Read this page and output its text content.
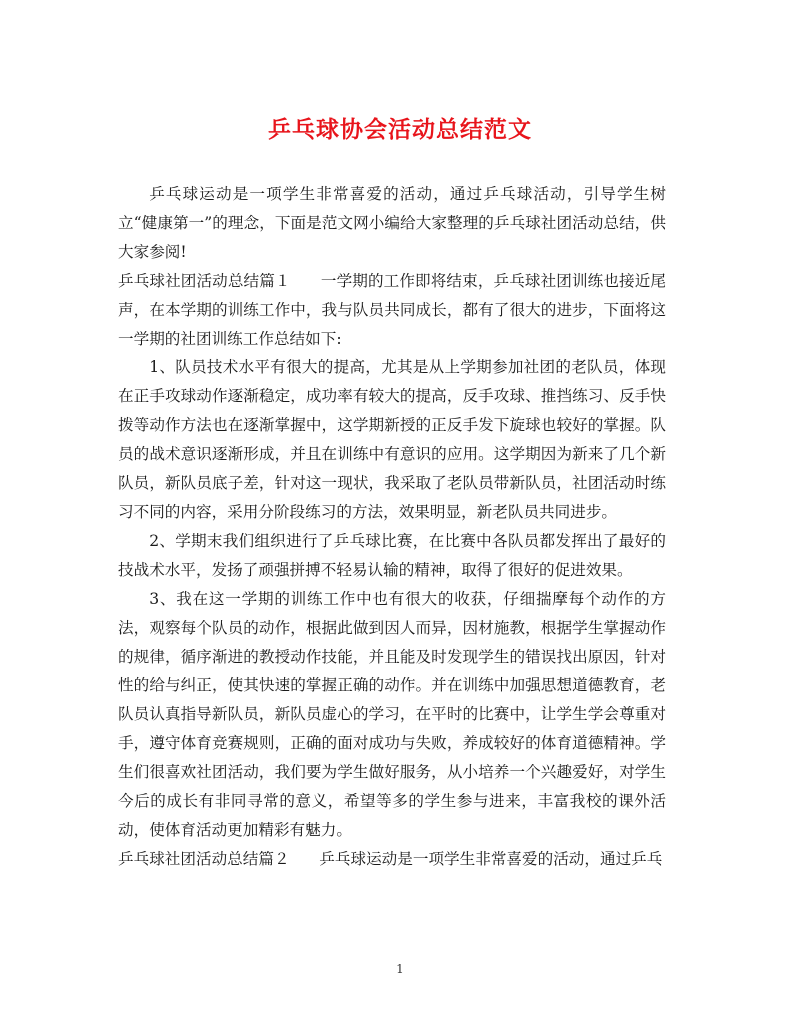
乒乓球协会活动总结范文

乒乓球运动是一项学生非常喜爱的活动，通过乒乓球活动，引导学生树立“健康第一”的理念，下面是范文网小编给大家整理的乒乓球社团活动总结，供大家参阅!

乒乓球社团活动总结篇１ 一学期的工作即将结束，乒乓球社团训练也接近尾声，在本学期的训练工作中，我与队员共同成长，都有了很大的进步，下面将这一学期的社团训练工作总结如下:

1、队员技术水平有很大的提高，尤其是从上学期参加社团的老队员，体现在正手攻球动作逐渐稳定，成功率有较大的提高，反手攻球、推挡练习、反手快拨等动作方法也在逐渐掌握中，这学期新授的正反手发下旋球也较好的掌握。队员的战术意识逐渐形成，并且在训练中有意识的应用。这学期因为新来了几个新队员，新队员底子差，针对这一现状，我采取了老队员带新队员，社团活动时练习不同的内容，采用分阶段练习的方法，效果明显，新老队员共同进步。

2、学期末我们组织进行了乒乓球比赛，在比赛中各队员都发挥出了最好的技战术水平，发扬了顽强拼搏不轻易认输的精神，取得了很好的促进效果。

3、我在这一学期的训练工作中也有很大的收获，仔细揣摩每个动作的方法，观察每个队员的动作，根据此做到因人而异，因材施教，根据学生掌握动作的规律，循序渐进的教授动作技能，并且能及时发现学生的错误找出原因，针对性的给与纠正，使其快速的掌握正确的动作。并在训练中加强思想道德教育，老队员认真指导新队员，新队员虚心的学习，在平时的比赛中，让学生学会尊重对手，遵守体育竞赛规则，正确的面对成功与失败，养成较好的体育道德精神。学生们很喜欢社团活动，我们要为学生做好服务，从小培养一个兴趣爱好，对学生今后的成长有非同寻常的意义，希望等多的学生参与进来，丰富我校的课外活动，使体育活动更加精彩有魅力。

乒乓球社团活动总结篇２ 乒乓球运动是一项学生非常喜爱的活动，通过乒乓

1
